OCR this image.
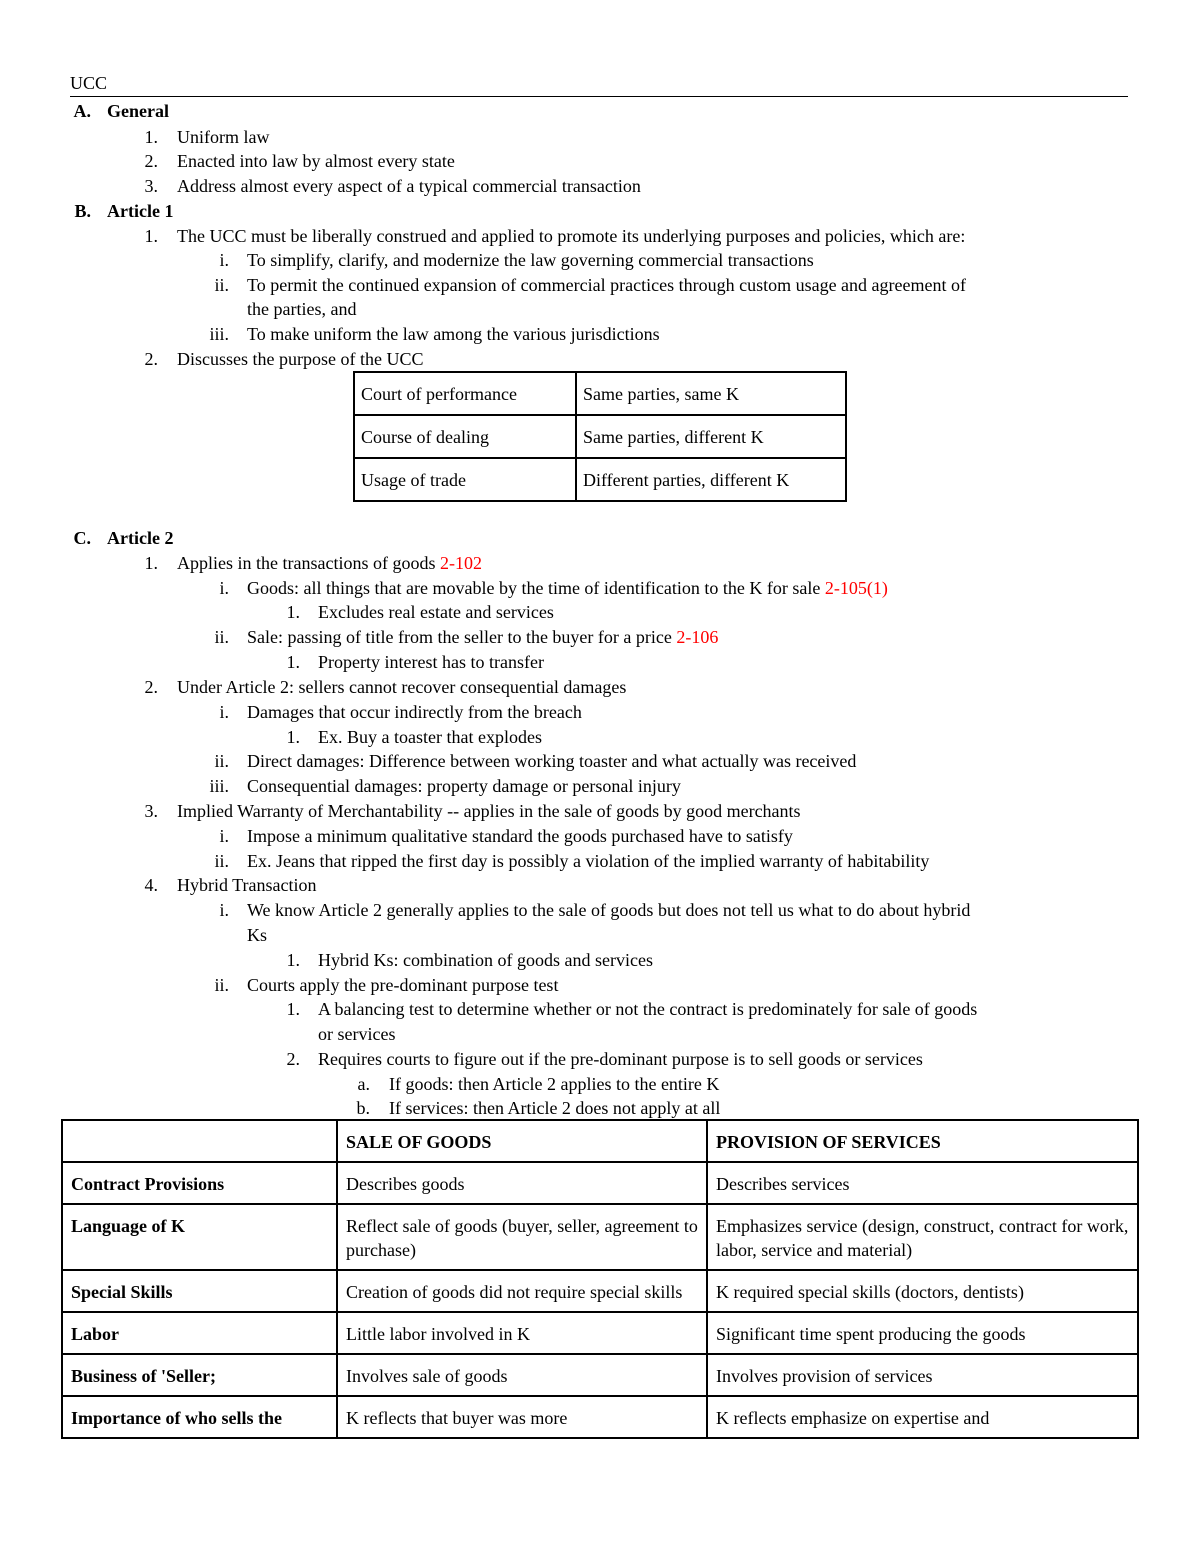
UCC
A. General
1. Uniform law
2. Enacted into law by almost every state
3. Address almost every aspect of a typical commercial transaction
B. Article 1
1. The UCC must be liberally construed and applied to promote its underlying purposes and policies, which are:
i. To simplify, clarify, and modernize the law governing commercial transactions
ii. To permit the continued expansion of commercial practices through custom usage and agreement of
the parties, and
iii. To make uniform the law among the various jurisdictions
2. Discusses the purpose of the UCC
Court of performance	Same parties, same K
Course of dealing	Same parties, different K
Usage of trade	Different parties, different K
C. Article 2
1. Applies in the transactions of goods 2-102
i. Goods: all things that are movable by the time of identification to the K for sale 2-105(1)
1. Excludes real estate and services
ii. Sale: passing of title from the seller to the buyer for a price 2-106
1. Property interest has to transfer
2. Under Article 2: sellers cannot recover consequential damages
i. Damages that occur indirectly from the breach
1. Ex. Buy a toaster that explodes
ii. Direct damages: Difference between working toaster and what actually was received
iii. Consequential damages: property damage or personal injury
3. Implied Warranty of Merchantability -- applies in the sale of goods by good merchants
i. Impose a minimum qualitative standard the goods purchased have to satisfy
ii. Ex. Jeans that ripped the first day is possibly a violation of the implied warranty of habitability
4. Hybrid Transaction
i. We know Article 2 generally applies to the sale of goods but does not tell us what to do about hybrid
Ks
1. Hybrid Ks: combination of goods and services
ii. Courts apply the pre-dominant purpose test
1. A balancing test to determine whether or not the contract is predominately for sale of goods
or services
2. Requires courts to figure out if the pre-dominant purpose is to sell goods or services
a. If goods: then Article 2 applies to the entire K
b. If services: then Article 2 does not apply at all
	SALE OF GOODS	PROVISION OF SERVICES
Contract Provisions	Describes goods	Describes services
Language of K	Reflect sale of goods (buyer, seller, agreement to purchase)	Emphasizes service (design, construct, contract for work, labor, service and material)
Special Skills	Creation of goods did not require special skills	K required special skills (doctors, dentists)
Labor	Little labor involved in K	Significant time spent producing the goods
Business of 'Seller;	Involves sale of goods	Involves provision of services
Importance of who sells the	K reflects that buyer was more	K reflects emphasize on expertise and
